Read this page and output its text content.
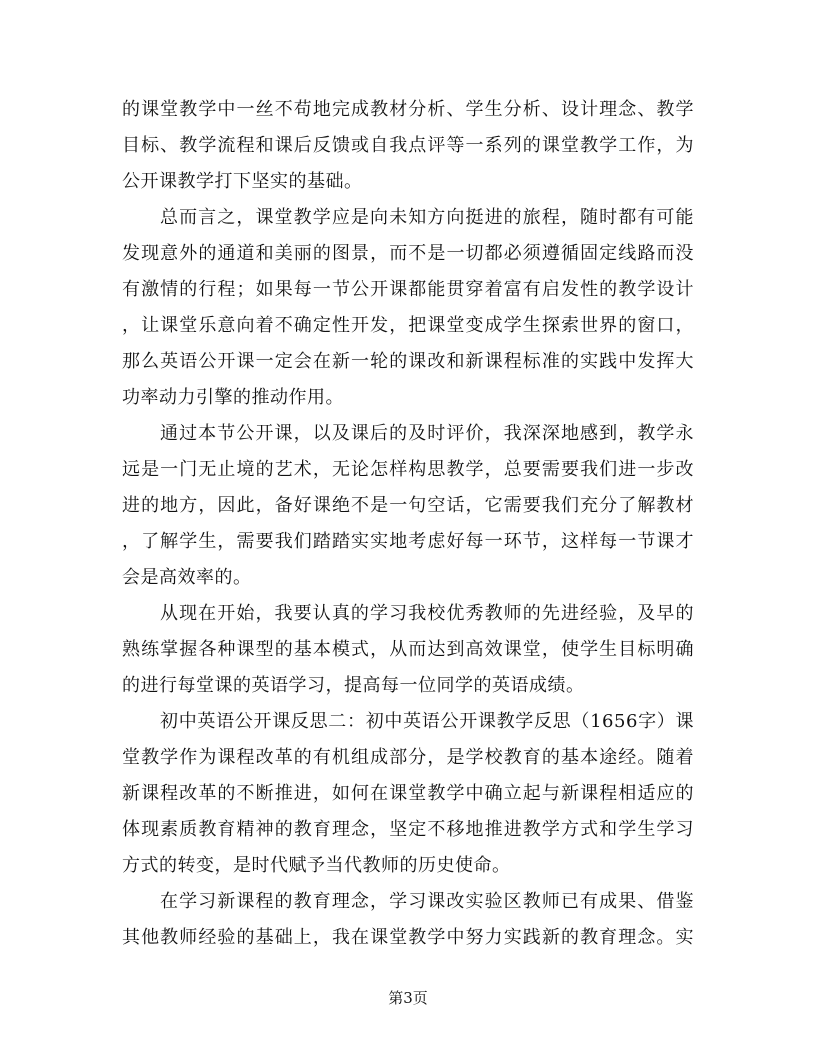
的课堂教学中一丝不苟地完成教材分析、学生分析、设计理念、教学
目标、教学流程和课后反馈或自我点评等一系列的课堂教学工作，为
公开课教学打下坚实的基础。
总而言之，课堂教学应是向未知方向挺进的旅程，随时都有可能
发现意外的通道和美丽的图景，而不是一切都必须遵循固定线路而没
有激情的行程；如果每一节公开课都能贯穿着富有启发性的教学设计
，让课堂乐意向着不确定性开发，把课堂变成学生探索世界的窗口，
那么英语公开课一定会在新一轮的课改和新课程标准的实践中发挥大
功率动力引擎的推动作用。
通过本节公开课，以及课后的及时评价，我深深地感到，教学永
远是一门无止境的艺术，无论怎样构思教学，总要需要我们进一步改
进的地方，因此，备好课绝不是一句空话，它需要我们充分了解教材
，了解学生，需要我们踏踏实实地考虑好每一环节，这样每一节课才
会是高效率的。
从现在开始，我要认真的学习我校优秀教师的先进经验，及早的
熟练掌握各种课型的基本模式，从而达到高效课堂，使学生目标明确
的进行每堂课的英语学习，提高每一位同学的英语成绩。
初中英语公开课反思二：初中英语公开课教学反思（1656字）课
堂教学作为课程改革的有机组成部分，是学校教育的基本途经。随着
新课程改革的不断推进，如何在课堂教学中确立起与新课程相适应的
体现素质教育精神的教育理念，坚定不移地推进教学方式和学生学习
方式的转变，是时代赋予当代教师的历史使命。
在学习新课程的教育理念，学习课改实验区教师已有成果、借鉴
其他教师经验的基础上，我在课堂教学中努力实践新的教育理念。实
第3页
